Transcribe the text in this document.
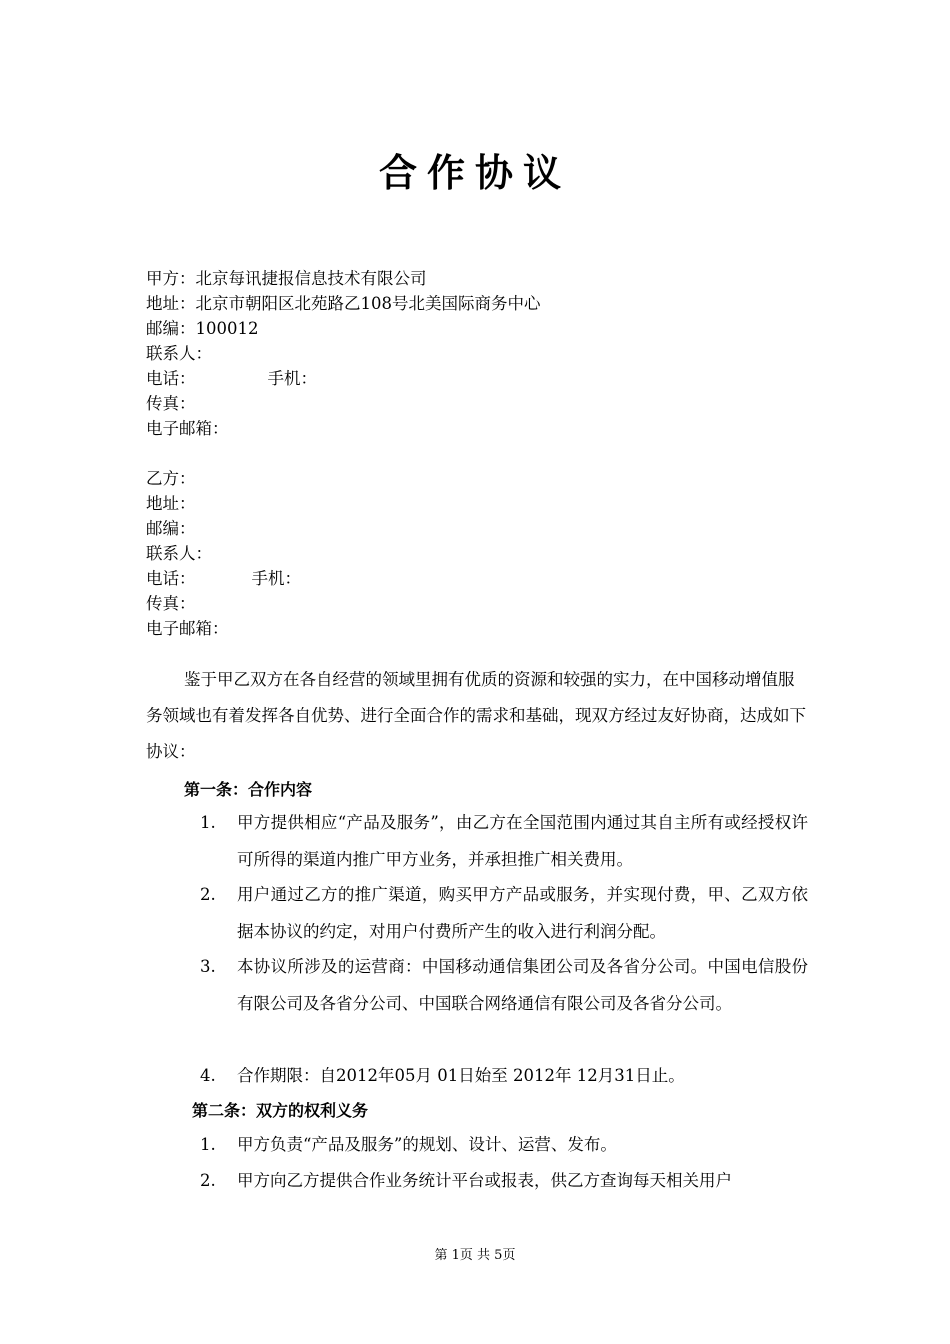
合作协议
甲方：北京每讯捷报信息技术有限公司
地址：北京市朝阳区北苑路乙108号北美国际商务中心
邮编：100012
联系人：
电话：	手机：
传真：
电子邮箱：
乙方：
地址：
邮编：
联系人：
电话：	手机：
传真：
电子邮箱：

鉴于甲乙双方在各自经营的领域里拥有优质的资源和较强的实力，在中国移动增值服务领域也有着发挥各自优势、进行全面合作的需求和基础，现双方经过友好协商，达成如下协议：

第一条：合作内容
1.	甲方提供相应“产品及服务”，由乙方在全国范围内通过其自主所有或经授权许可所得的渠道内推广甲方业务，并承担推广相关费用。
2.	用户通过乙方的推广渠道，购买甲方产品或服务，并实现付费，甲、乙双方依据本协议的约定，对用户付费所产生的收入进行利润分配。
3.	本协议所涉及的运营商：中国移动通信集团公司及各省分公司。中国电信股份有限公司及各省分公司、中国联合网络通信有限公司及各省分公司。
4.	合作期限：自2012年05月 01日始至 2012年 12月31日止。
第二条：双方的权利义务
1.	甲方负责“产品及服务”的规划、设计、运营、发布。
2.	甲方向乙方提供合作业务统计平台或报表，供乙方查询每天相关用户

第 1页 共 5页
